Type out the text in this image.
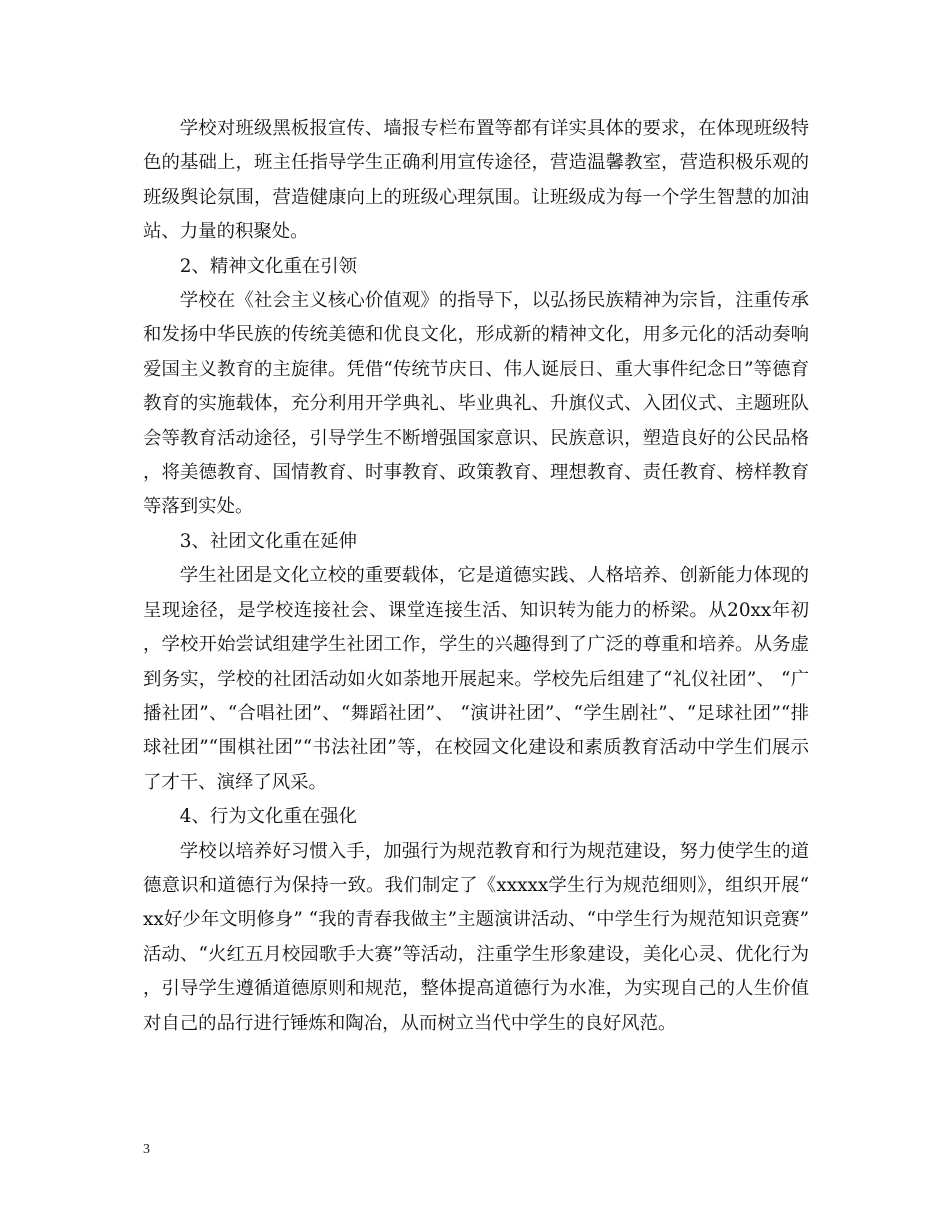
学校对班级黑板报宣传、墙报专栏布置等都有详实具体的要求，在体现班级特色的基础上，班主任指导学生正确利用宣传途径，营造温馨教室，营造积极乐观的班级舆论氛围，营造健康向上的班级心理氛围。让班级成为每一个学生智慧的加油站、力量的积聚处。

2、精神文化重在引领

学校在《社会主义核心价值观》的指导下，以弘扬民族精神为宗旨，注重传承和发扬中华民族的传统美德和优良文化，形成新的精神文化，用多元化的活动奏响爱国主义教育的主旋律。凭借“传统节庆日、伟人诞辰日、重大事件纪念日”等德育教育的实施载体，充分利用开学典礼、毕业典礼、升旗仪式、入团仪式、主题班队会等教育活动途径，引导学生不断增强国家意识、民族意识，塑造良好的公民品格，将美德教育、国情教育、时事教育、政策教育、理想教育、责任教育、榜样教育等落到实处。

3、社团文化重在延伸

学生社团是文化立校的重要载体，它是道德实践、人格培养、创新能力体现的呈现途径，是学校连接社会、课堂连接生活、知识转为能力的桥梁。从20xx年初，学校开始尝试组建学生社团工作，学生的兴趣得到了广泛的尊重和培养。从务虚到务实，学校的社团活动如火如荼地开展起来。学校先后组建了“礼仪社团”、 “广播社团”、“合唱社团”、“舞蹈社团”、 “演讲社团”、“学生剧社”、“足球社团”“排球社团”“围棋社团”“书法社团”等，在校园文化建设和素质教育活动中学生们展示了才干、演绎了风采。

4、行为文化重在强化

学校以培养好习惯入手，加强行为规范教育和行为规范建设，努力使学生的道德意识和道德行为保持一致。我们制定了《xxxxx学生行为规范细则》，组织开展“xx好少年文明修身” “我的青春我做主”主题演讲活动、“中学生行为规范知识竞赛”活动、“火红五月校园歌手大赛”等活动，注重学生形象建设，美化心灵、优化行为，引导学生遵循道德原则和规范，整体提高道德行为水准，为实现自己的人生价值对自己的品行进行锤炼和陶冶，从而树立当代中学生的良好风范。

3
